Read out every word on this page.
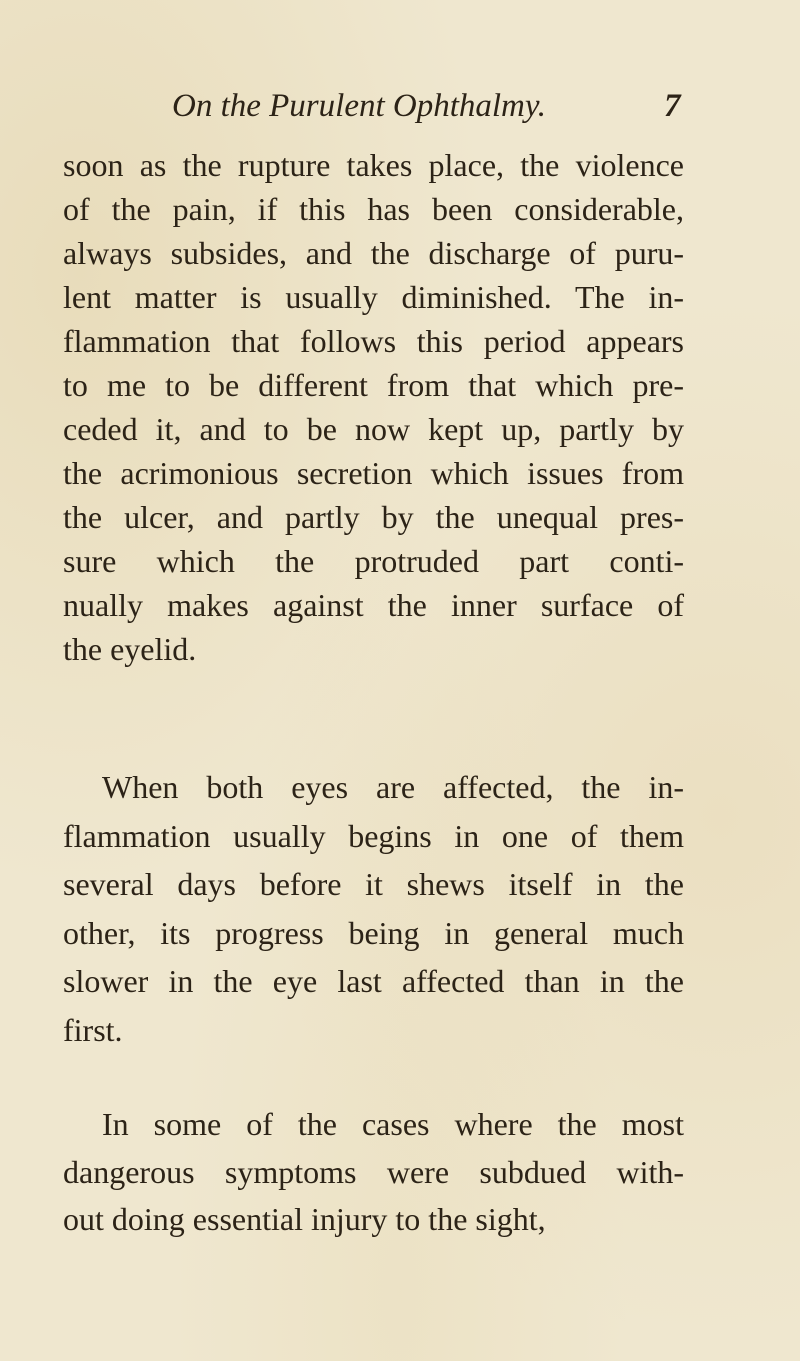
On the Purulent Ophthalmy.	7
soon as the rupture takes place, the violence
of the pain, if this has been considerable,
always subsides, and the discharge of puru-
lent matter is usually diminished. The in-
flammation that follows this period appears
to me to be different from that which pre-
ceded it, and to be now kept up, partly by
the acrimonious secretion which issues from
the ulcer, and partly by the unequal pres-
sure which the protruded part conti-
nually makes against the inner surface of
the eyelid.
When both eyes are affected, the in-
flammation usually begins in one of them
several days before it shews itself in the
other, its progress being in general much
slower in the eye last affected than in the
first.
In some of the cases where the most
dangerous symptoms were subdued with-
out doing essential injury to the sight,
